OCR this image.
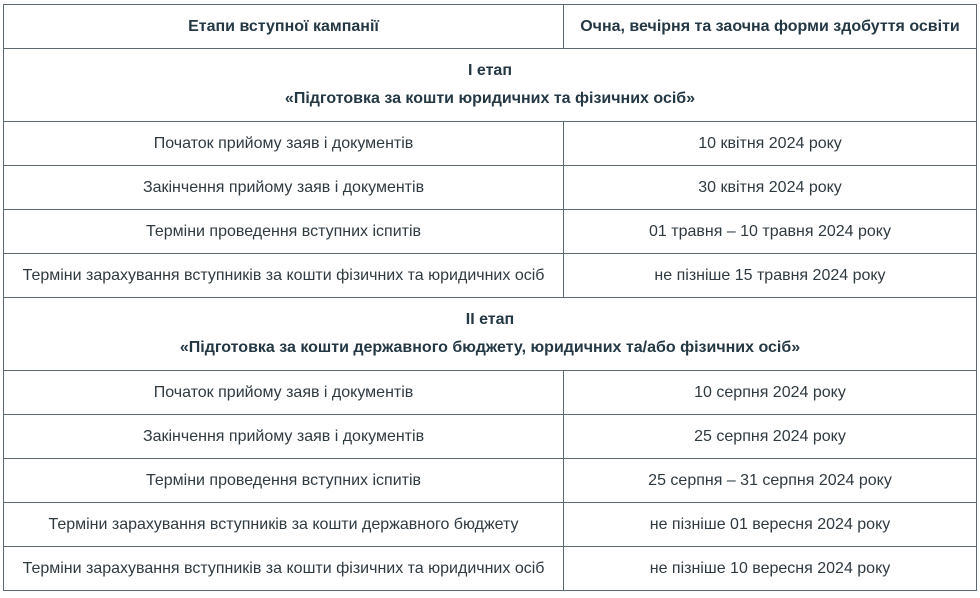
Етапи вступної кампанії	Очна, вечірня та заочна форми здобуття освіти

I етап
«Підготовка за кошти юридичних та фізичних осіб»	

Початок прийому заяв і документів	10 квітня 2024 року
Закінчення прийому заяв і документів	30 квітня 2024 року
Терміни проведення вступних іспитів	01 травня – 10 травня 2024 року
Терміни зарахування вступників за кошти фізичних та юридичних осіб	не пізніше 15 травня 2024 року

II етап
«Підготовка за кошти державного бюджету, юридичних та/або фізичних осіб»	

Початок прийому заяв і документів	10 серпня 2024 року
Закінчення прийому заяв і документів	25 серпня 2024 року
Терміни проведення вступних іспитів	25 серпня – 31 серпня 2024 року
Терміни зарахування вступників за кошти державного бюджету	не пізніше 01 вересня 2024 року
Терміни зарахування вступників за кошти фізичних та юридичних осіб	не пізніше 10 вересня 2024 року
